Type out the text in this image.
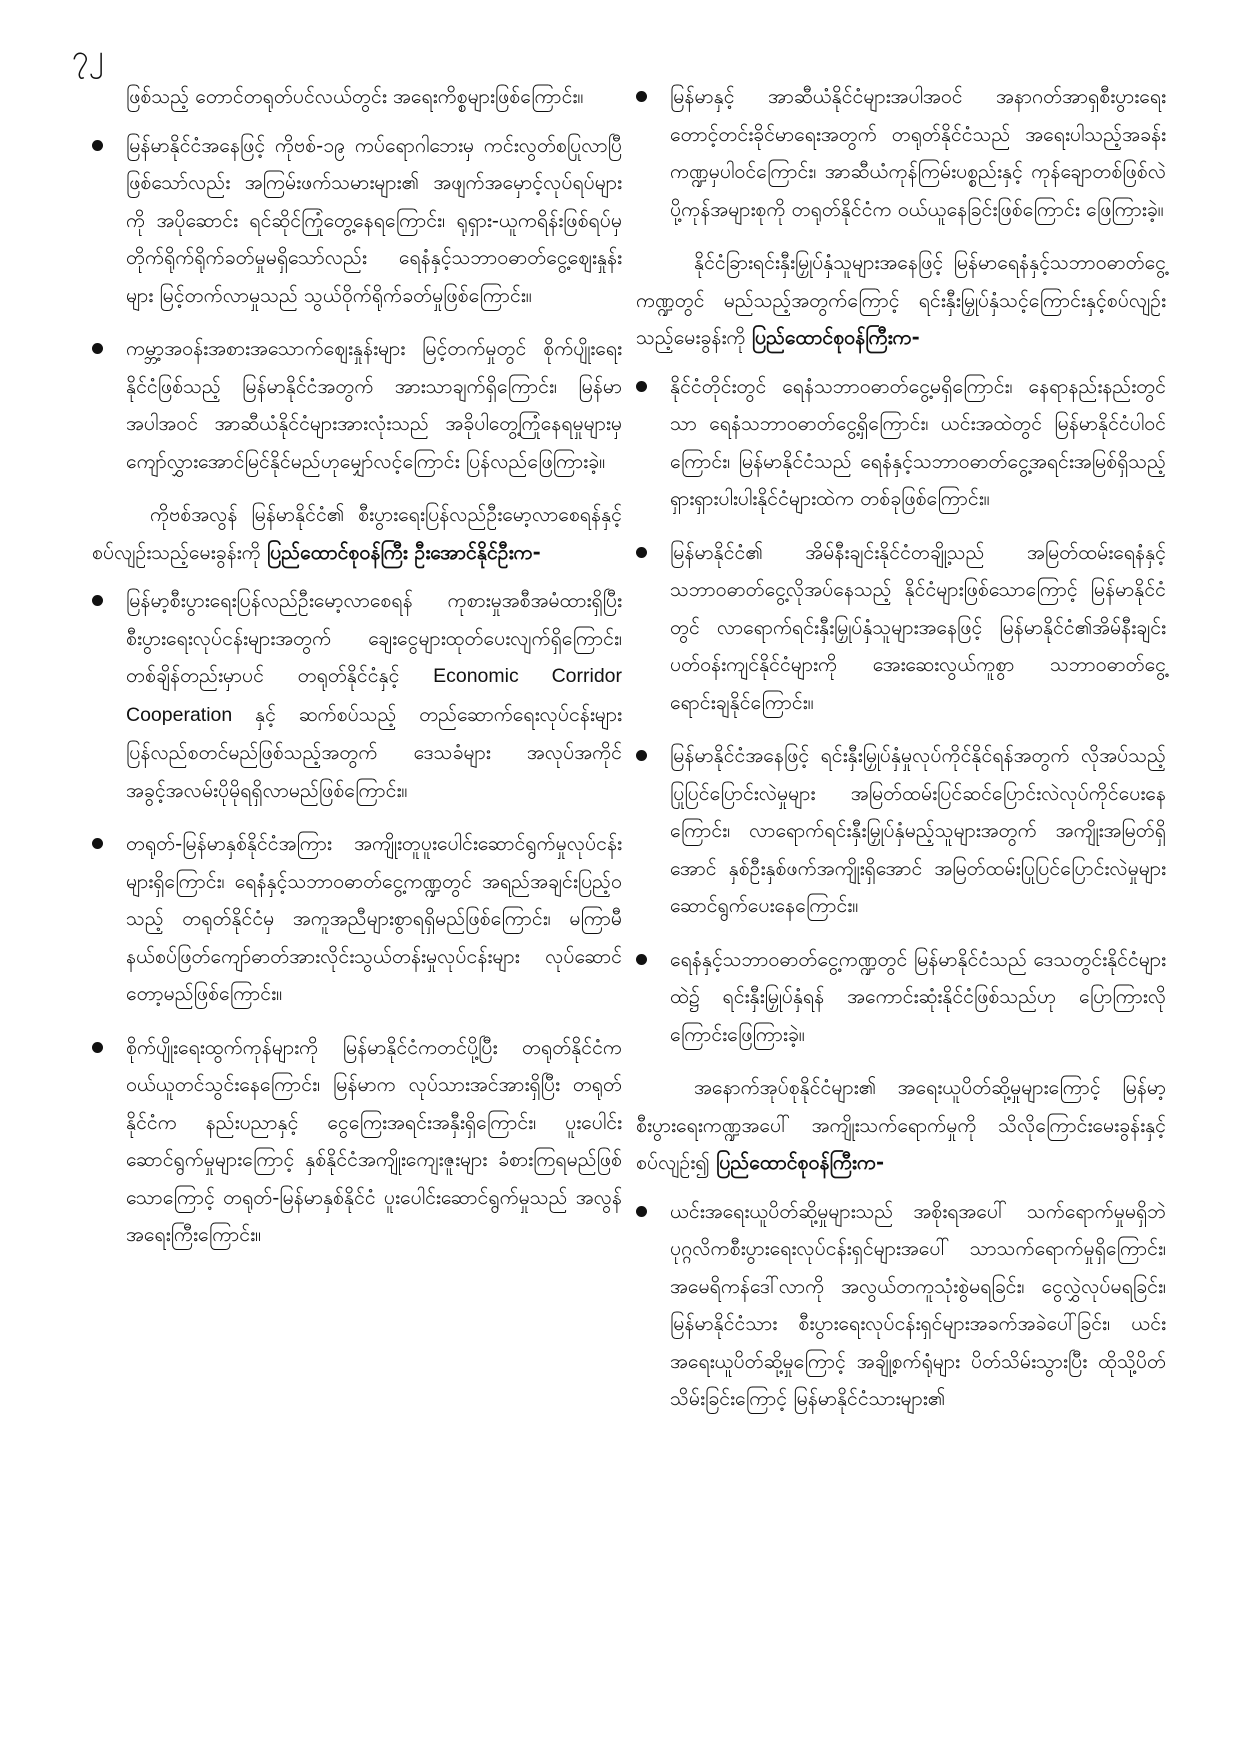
၇၂

ဖြစ်သည့် တောင်တရုတ်ပင်လယ်တွင်း အရေးကိစ္စများဖြစ်ကြောင်း။

မြန်မာနိုင်ငံအနေဖြင့် ကိုဗစ်-၁၉ ကပ်ရောဂါဘေးမှ ကင်းလွတ်စပြုလာပြီဖြစ်သော်လည်း အကြမ်းဖက်သမားများ၏ အဖျက်အမှောင့်လုပ်ရပ်များကို အပိုဆောင်း ရင်ဆိုင်ကြုံတွေ့နေရကြောင်း၊ ရုရှား-ယူကရိန်းဖြစ်ရပ်မှ တိုက်ရိုက်ရိုက်ခတ်မှုမရှိသော်လည်း ရေနံနှင့်သဘာဝဓာတ်ငွေ့ဈေးနှုန်းများ မြင့်တက်လာမှုသည် သွယ်ဝိုက်ရိုက်ခတ်မှုဖြစ်ကြောင်း။
ကမ္ဘာ့အဝန်းအစားအသောက်ဈေးနှုန်းများ မြင့်တက်မှုတွင် စိုက်ပျိုးရေးနိုင်ငံဖြစ်သည့် မြန်မာနိုင်ငံအတွက် အားသာချက်ရှိကြောင်း၊ မြန်မာအပါအဝင် အာဆီယံနိုင်ငံများအားလုံးသည် အခိုပါတွေ့ကြုံနေရမှုများမှ ကျော်လွှားအောင်မြင်နိုင်မည်ဟုမျှော်လင့်ကြောင်း ပြန်လည်ဖြေကြားခဲ့။

ကိုဗစ်အလွန် မြန်မာနိုင်ငံ၏ စီးပွားရေးပြန်လည်ဦးမော့လာစေရန်နှင့်စပ်လျဉ်းသည့်မေးခွန်းကို ပြည်ထောင်စုဝန်ကြီး ဦးအောင်နိုင်ဦးက-

မြန်မာ့စီးပွားရေးပြန်လည်ဦးမော့လာစေရန် ကုစားမှုအစီအမံထားရှိပြီး စီးပွားရေးလုပ်ငန်းများအတွက် ချေးငွေများထုတ်ပေးလျက်ရှိကြောင်း၊ တစ်ချိန်တည်းမှာပင် တရုတ်နိုင်ငံနှင့် Economic Corridor Cooperation နှင့် ဆက်စပ်သည့် တည်ဆောက်ရေးလုပ်ငန်းများ ပြန်လည်စတင်မည်ဖြစ်သည့်အတွက် ဒေသခံများ အလုပ်အကိုင်အခွင့်အလမ်းပိုမိုရရှိလာမည်ဖြစ်ကြောင်း။
တရုတ်-မြန်မာနှစ်နိုင်ငံအကြား အကျိုးတူပူးပေါင်းဆောင်ရွက်မှုလုပ်ငန်းများရှိကြောင်း၊ ရေနံနှင့်သဘာဝဓာတ်ငွေ့ကဏ္ဍတွင် အရည်အချင်းပြည့်ဝသည့် တရုတ်နိုင်ငံမှ အကူအညီများစွာရရှိမည်ဖြစ်ကြောင်း၊ မကြာမီ နယ်စပ်ဖြတ်ကျော်ဓာတ်အားလိုင်းသွယ်တန်းမှုလုပ်ငန်းများ လုပ်ဆောင်တော့မည်ဖြစ်ကြောင်း။
စိုက်ပျိုးရေးထွက်ကုန်များကို မြန်မာနိုင်ငံကတင်ပို့ပြီး တရုတ်နိုင်ငံက ဝယ်ယူတင်သွင်းနေကြောင်း၊ မြန်မာက လုပ်သားအင်အားရှိပြီး တရုတ်နိုင်ငံက နည်းပညာနှင့် ငွေကြေးအရင်းအနှီးရှိကြောင်း၊ ပူးပေါင်းဆောင်ရွက်မှုများကြောင့် နှစ်နိုင်ငံအကျိုးကျေးဇူးများ ခံစားကြရမည်ဖြစ်သောကြောင့် တရုတ်-မြန်မာနှစ်နိုင်ငံ ပူးပေါင်းဆောင်ရွက်မှုသည် အလွန်အရေးကြီးကြောင်း။
မြန်မာနှင့် အာဆီယံနိုင်ငံများအပါအဝင် အနာဂတ်အာရှစီးပွားရေးတောင့်တင်းခိုင်မာရေးအတွက် တရုတ်နိုင်ငံသည် အရေးပါသည့်အခန်းကဏ္ဍမှပါဝင်ကြောင်း၊ အာဆီယံကုန်ကြမ်းပစ္စည်းနှင့် ကုန်ချောတစ်ဖြစ်လဲ ပို့ကုန်အများစုကို တရုတ်နိုင်ငံက ဝယ်ယူနေခြင်းဖြစ်ကြောင်း ဖြေကြားခဲ့။

နိုင်ငံခြားရင်းနှီးမြှုပ်နှံသူများအနေဖြင့် မြန်မာရေနံနှင့်သဘာဝဓာတ်ငွေ့ကဏ္ဍတွင် မည်သည့်အတွက်ကြောင့် ရင်းနှီးမြှုပ်နှံသင့်ကြောင်းနှင့်စပ်လျဉ်းသည့်မေးခွန်းကို ပြည်ထောင်စုဝန်ကြီးက-

နိုင်ငံတိုင်းတွင် ရေနံသဘာဝဓာတ်ငွေ့မရှိကြောင်း၊ နေရာနည်းနည်းတွင်သာ ရေနံသဘာဝဓာတ်ငွေ့ရှိကြောင်း၊ ယင်းအထဲတွင် မြန်မာနိုင်ငံပါဝင်ကြောင်း၊ မြန်မာနိုင်ငံသည် ရေနံနှင့်သဘာဝဓာတ်ငွေ့အရင်းအမြစ်ရှိသည့် ရှားရှားပါးပါးနိုင်ငံများထဲက တစ်ခုဖြစ်ကြောင်း။
မြန်မာနိုင်ငံ၏ အိမ်နီးချင်းနိုင်ငံတချို့သည် အမြတ်ထမ်းရေနံနှင့်သဘာဝဓာတ်ငွေ့လိုအပ်နေသည့် နိုင်ငံများဖြစ်သောကြောင့် မြန်မာနိုင်ငံတွင် လာရောက်ရင်းနှီးမြှုပ်နှံသူများအနေဖြင့် မြန်မာနိုင်ငံ၏အိမ်နီးချင်း ပတ်ဝန်းကျင်နိုင်ငံများကို အေးဆေးလွယ်ကူစွာ သဘာဝဓာတ်ငွေ့ရောင်းချနိုင်ကြောင်း။
မြန်မာနိုင်ငံအနေဖြင့် ရင်းနှီးမြှုပ်နှံမှုလုပ်ကိုင်နိုင်ရန်အတွက် လိုအပ်သည့်ပြုပြင်ပြောင်းလဲမှုများ အမြတ်ထမ်းပြင်ဆင်ပြောင်းလဲလုပ်ကိုင်ပေးနေကြောင်း၊ လာရောက်ရင်းနှီးမြှုပ်နှံမည့်သူများအတွက် အကျိုးအမြတ်ရှိအောင် နှစ်ဦးနှစ်ဖက်အကျိုးရှိအောင် အမြတ်ထမ်းပြုပြင်ပြောင်းလဲမှုများဆောင်ရွက်ပေးနေကြောင်း။
ရေနံနှင့်သဘာဝဓာတ်ငွေ့ကဏ္ဍတွင် မြန်မာနိုင်ငံသည် ဒေသတွင်းနိုင်ငံများထဲ၌ ရင်းနှီးမြှုပ်နှံရန် အကောင်းဆုံးနိုင်ငံဖြစ်သည်ဟု ပြောကြားလိုကြောင်းဖြေကြားခဲ့။

အနောက်အုပ်စုနိုင်ငံများ၏ အရေးယူပိတ်ဆို့မှုများကြောင့် မြန်မာ့စီးပွားရေးကဏ္ဍအပေါ် အကျိုးသက်ရောက်မှုကို သိလိုကြောင်းမေးခွန်းနှင့်စပ်လျဉ်း၍ ပြည်ထောင်စုဝန်ကြီးက-

ယင်းအရေးယူပိတ်ဆို့မှုများသည် အစိုးရအပေါ် သက်ရောက်မှုမရှိဘဲ ပုဂ္ဂလိကစီးပွားရေးလုပ်ငန်းရှင်များအပေါ် သာသက်ရောက်မှုရှိကြောင်း၊ အမေရိကန်ဒေါ်လာကို အလွယ်တကူသုံးစွဲမရခြင်း၊ ငွေလွှဲလုပ်မရခြင်း၊ မြန်မာနိုင်ငံသား စီးပွားရေးလုပ်ငန်းရှင်များအခက်အခဲပေါ်ခြင်း၊ ယင်းအရေးယူပိတ်ဆို့မှုကြောင့် အချို့စက်ရုံများ ပိတ်သိမ်းသွားပြီး ထိုသို့ပိတ်သိမ်းခြင်းကြောင့် မြန်မာနိုင်ငံသားများ၏
